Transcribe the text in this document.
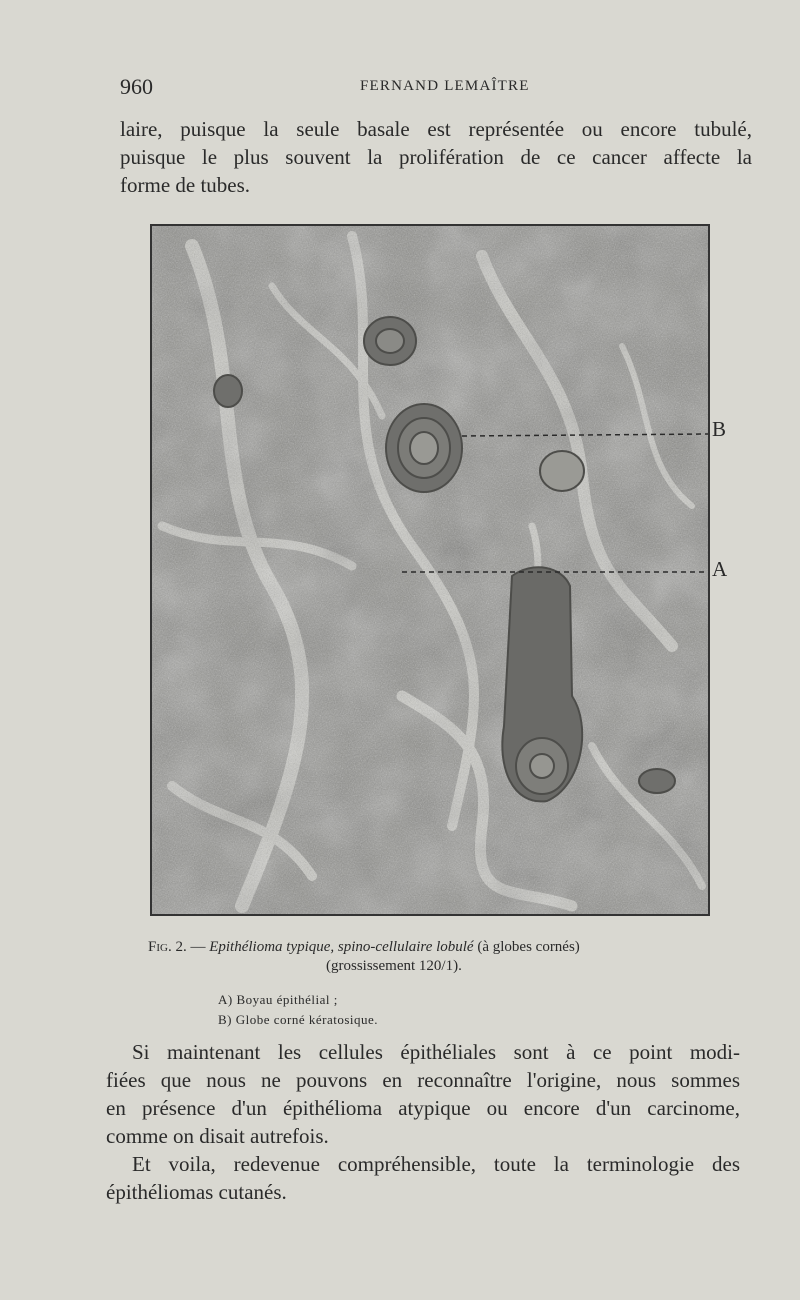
960	FERNAND LEMAÎTRE
laire, puisque la seule basale est représentée ou encore tubulé,
puisque le plus souvent la prolifération de ce cancer affecte la
forme de tubes.
B
A
Fig. 2. — Epithélioma typique, spino-cellulaire lobulé (à globes cornés)
(grossissement 120/1).
A) Boyau épithélial ;
B) Globe corné kératosique.
Si maintenant les cellules épithéliales sont à ce point modi-
fiées que nous ne pouvons en reconnaître l'origine, nous sommes
en présence d'un épithélioma atypique ou encore d'un carcinome,
comme on disait autrefois.
Et voila, redevenue compréhensible, toute la terminologie des
épithéliomas cutanés.
